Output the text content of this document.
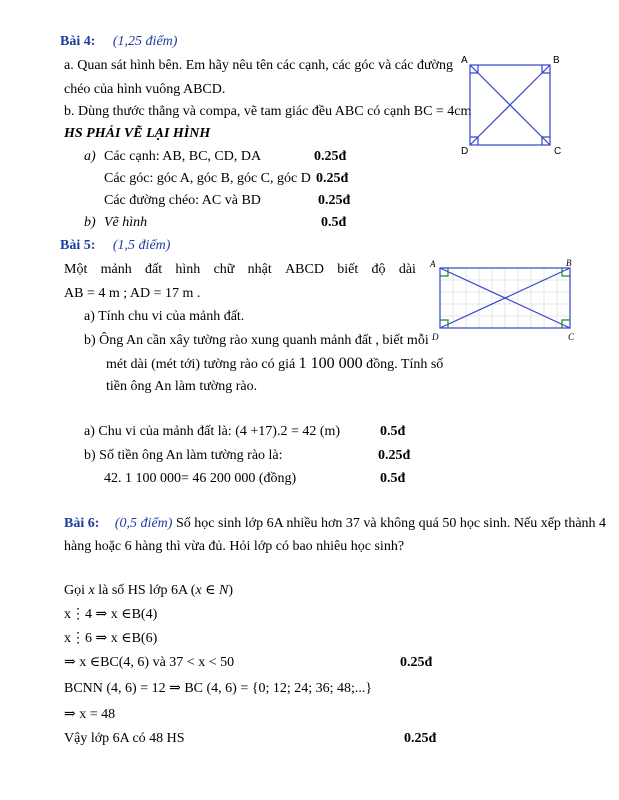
Bài 4: (1,25 điểm)
a. Quan sát hình bên. Em hãy nêu tên các cạnh, các góc và các đường
chéo của hình vuông ABCD.
b. Dùng thước thẳng và compa, vẽ tam giác đều ABC có cạnh BC = 4cm
HS PHẢI VẼ LẠI HÌNH
a) Các cạnh: AB, BC, CD, DA	0.25đ
Các góc: góc A, góc B, góc C, góc D 0.25đ
Các đường chéo: AC và BD	0.25đ
b) Vẽ hình	0.5đ
A	B
C
D
Bài 5: (1,5 điểm)
Một mảnh đất hình chữ nhật ABCD biết độ dài
AB = 4 m ; AD = 17 m .
a) Tính chu vi của mảnh đất.
b) Ông An cần xây tường rào xung quanh mảnh đất , biết mỗi
mét dài (mét tới) tường rào có giá 1 100 000 đồng. Tính số
tiền ông An làm tường rào.
a) Chu vi của mảnh đất là: (4 +17).2 = 42 (m)	0.5đ
b) Số tiền ông An làm tường rào là:	0.25đ
42. 1 100 000= 46 200 000 (đồng)	0.5đ
A	B
C
D
Bài 6: (0,5 điểm) Số học sinh lớp 6A nhiều hơn 37 và không quá 50 học sinh. Nếu xếp thành 4
hàng hoặc 6 hàng thì vừa đủ. Hỏi lớp có bao nhiêu học sinh?
Gọi x là số HS lớp 6A (x ∈ N)
x⋮4 ⇒ x ∈B(4)
x⋮6 ⇒ x ∈B(6)
⇒ x ∈BC(4, 6) và 37 < x < 50	0.25đ
BCNN (4, 6) = 12 ⇒ BC (4, 6) = {0; 12; 24; 36; 48;...}
⇒ x = 48
Vậy lớp 6A có 48 HS	0.25đ
